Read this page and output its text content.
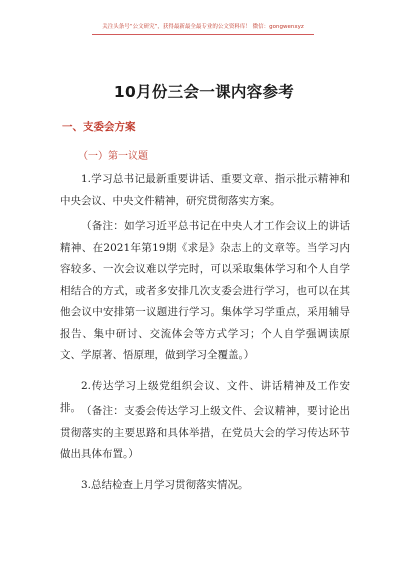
关注头条号“公文研究”，获得最新最全最专业的公文资料库！ 微信：gongwenxyz
10月份三会一课内容参考
一、支委会方案
（一）第一议题

1.学习总书记最新重要讲话、重要文章、指示批示精神和中央会议、中央文件精神，研究贯彻落实方案。

（备注：如学习近平总书记在中央人才工作会议上的讲话精神、在2021年第19期《求是》杂志上的文章等。当学习内容较多、一次会议难以学完时，可以采取集体学习和个人自学相结合的方式，或者多安排几次支委会进行学习，也可以在其他会议中安排第一议题进行学习。集体学习学重点，采用辅导报告、集中研讨、交流体会等方式学习；个人自学强调读原文、学原著、悟原理，做到学习全覆盖。）

2.传达学习上级党组织会议、文件、讲话精神及工作安排。 （备注：支委会传达学习上级文件、会议精神，要讨论出贯彻落实的主要思路和具体举措，在党员大会的学习传达环节做出具体布置。）

3.总结检查上月学习贯彻落实情况。
